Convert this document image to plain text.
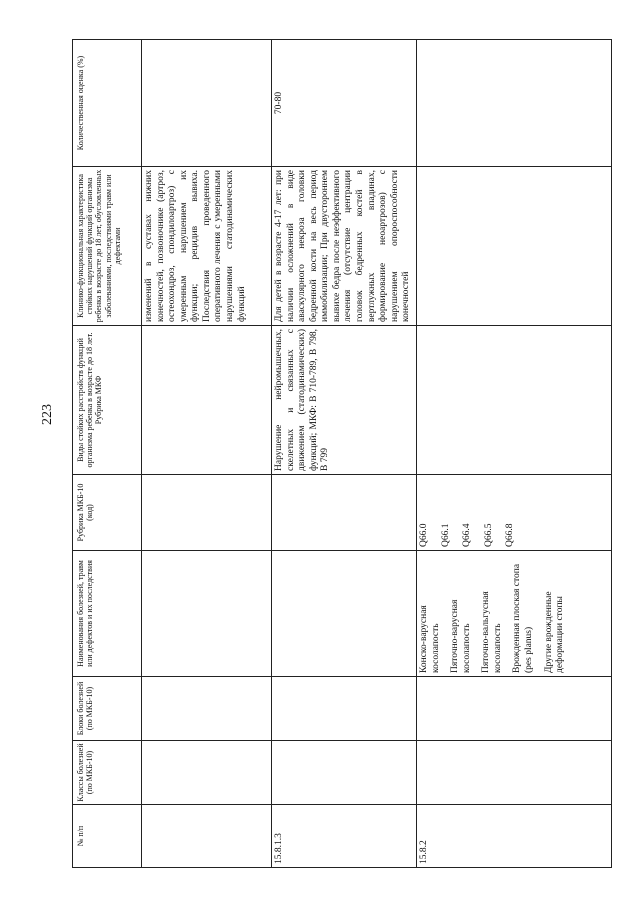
223
№ п/п	Классы болезней (по МКБ-10)	Блоки болезней (по МКБ-10)	Наименования болезней, травм или дефектов и их последствия	Рубрика МКБ-10 (код)	Виды стойких расстройств функций организма ребенка в возрасте до 18 лет. Рубрика МКФ	Клинико-функциональная характеристика стойких нарушений функций организма ребенка в возрасте до 18 лет, обусловленных заболеваниями, последствиями травм или дефектами	Количественная оценка (%)
						изменений в суставах нижних конечностей, позвоночнике (артроз, остеохондроз, спондилоартроз) с умеренным нарушением их функции; рецидив вывиха. Последствия проведенного оперативного лечения с умеренными нарушениями статодинамических функций	
15.8.1.3					Нарушение нейромышечных, скелетных и связанных с движением (статодинамических) функций; МКФ: B 710-789, B 798, B 799	Для детей в возрасте 4-17 лет: при наличии осложнений в виде аваскулярного некроза головки бедренной кости на весь период иммобилизации; При двустороннем вывихе бедра после неэффективного лечения (отсутствие центрации головок бедренных костей в вертлужных впадинах, формирование неоартрозов) с нарушением опороспособности конечностей	70-80
15.8.2			Конско-варусная косолапость Пяточно-варусная косолапость Пяточно-вальгусная косолапость Врожденная плоская стопа (pes planus) Другие врожденные деформации стопы	Q66.0 Q66.1 Q66.4 Q66.5 Q66.8			
